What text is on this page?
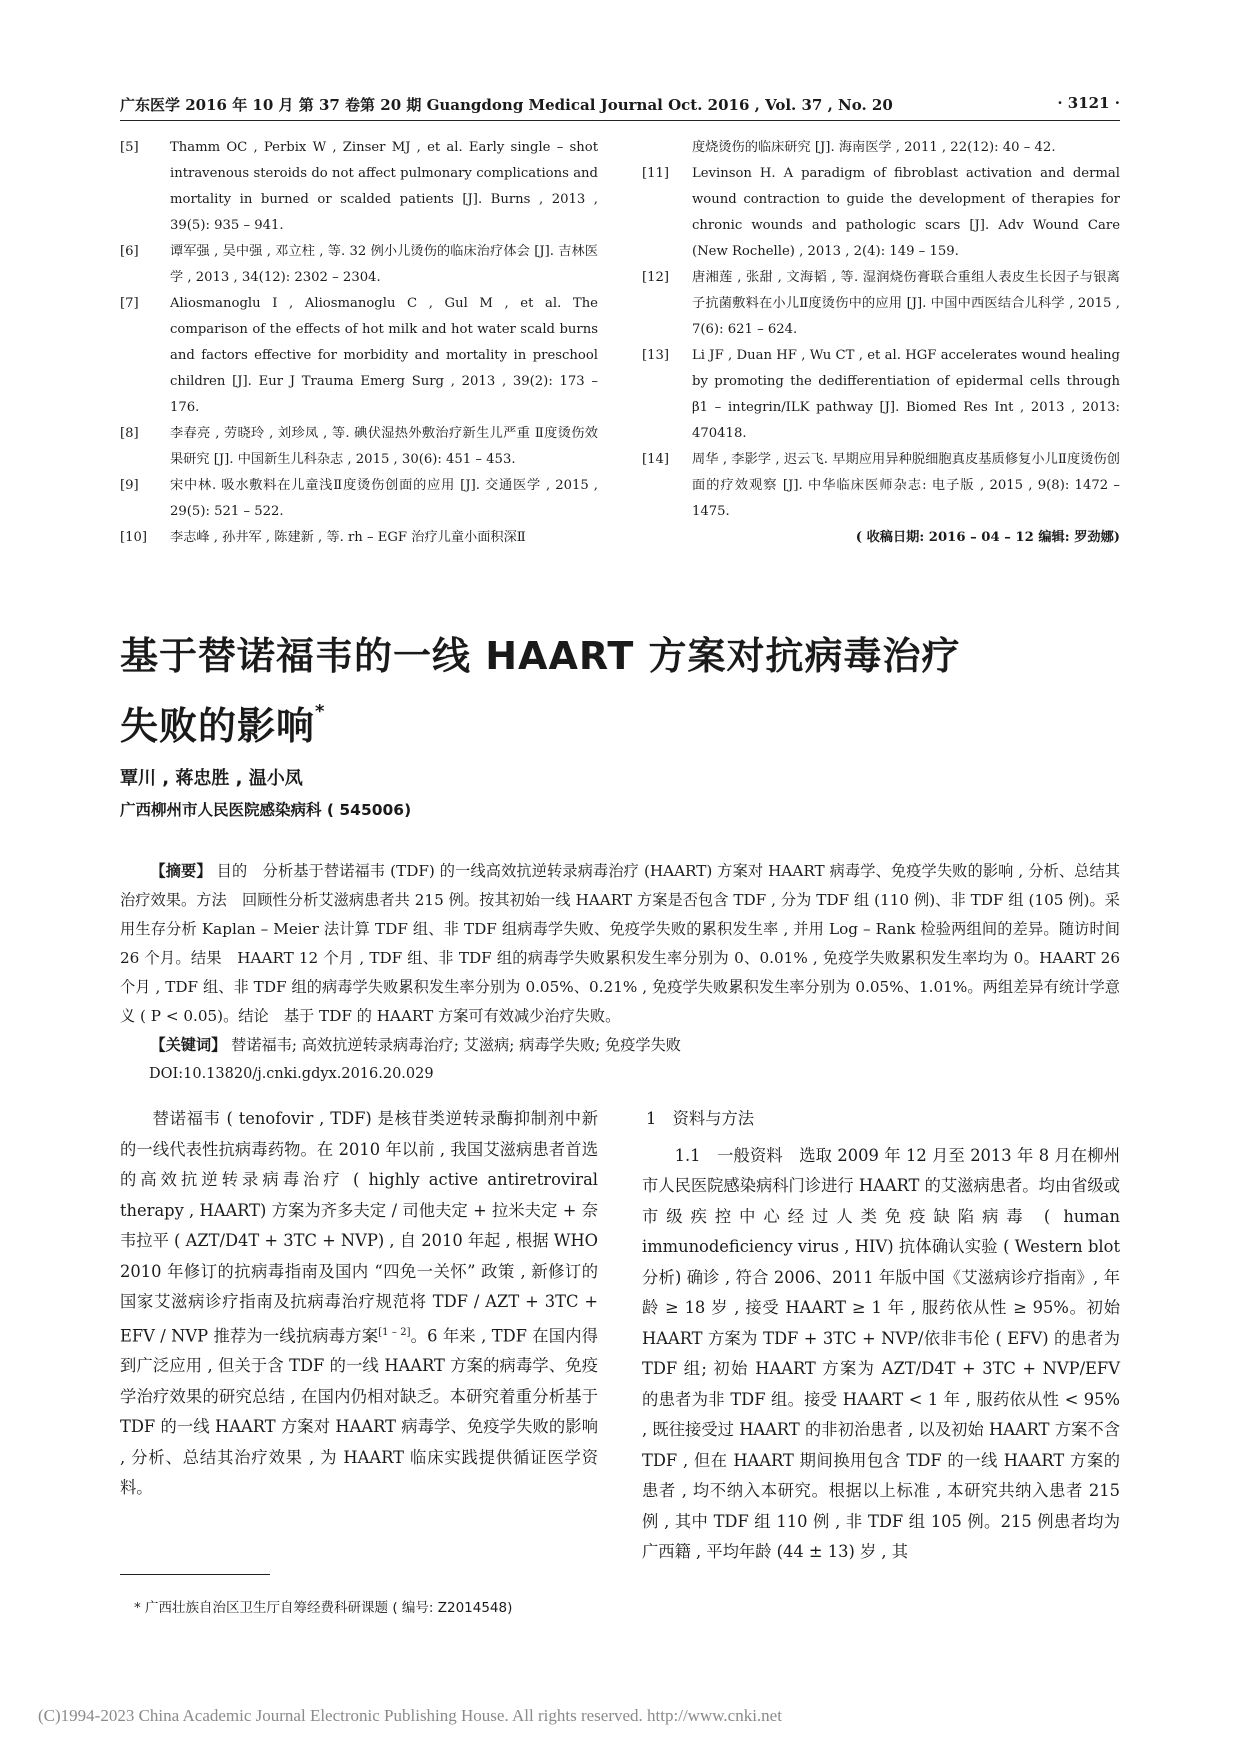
广东医学 2016 年 10 月 第 37 卷第 20 期 Guangdong Medical Journal Oct. 2016 , Vol. 37 , No. 20	· 3121 ·
[5]	Thamm OC , Perbix W , Zinser MJ , et al. Early single – shot intravenous steroids do not affect pulmonary complications and mortality in burned or scalded patients [J]. Burns , 2013 , 39(5): 935 – 941.
[6]	谭军强 , 吴中强 , 邓立柱 , 等. 32 例小儿烫伤的临床治疗体会 [J]. 吉林医学 , 2013 , 34(12): 2302 – 2304.
[7]	Aliosmanoglu I , Aliosmanoglu C , Gul M , et al. The comparison of the effects of hot milk and hot water scald burns and factors effective for morbidity and mortality in preschool children [J]. Eur J Trauma Emerg Surg , 2013 , 39(2): 173 – 176.
[8]	李春亮 , 劳晓玲 , 刘珍凤 , 等. 碘伏湿热外敷治疗新生儿严重 Ⅱ度烫伤效果研究 [J]. 中国新生儿科杂志 , 2015 , 30(6): 451 – 453.
[9]	宋中林. 吸水敷料在儿童浅Ⅱ度烫伤创面的应用 [J]. 交通医学 , 2015 , 29(5): 521 – 522.
[10]	李志峰 , 孙井军 , 陈建新 , 等. rh – EGF 治疗儿童小面积深Ⅱ
度烧烫伤的临床研究 [J]. 海南医学 , 2011 , 22(12): 40 – 42.
[11]	Levinson H. A paradigm of fibroblast activation and dermal wound contraction to guide the development of therapies for chronic wounds and pathologic scars [J]. Adv Wound Care (New Rochelle) , 2013 , 2(4): 149 – 159.
[12]	唐湘莲 , 张甜 , 文海韬 , 等. 湿润烧伤膏联合重组人表皮生长因子与银离子抗菌敷料在小儿Ⅱ度烫伤中的应用 [J]. 中国中西医结合儿科学 , 2015 , 7(6): 621 – 624.
[13]	Li JF , Duan HF , Wu CT , et al. HGF accelerates wound healing by promoting the dedifferentiation of epidermal cells through β1 – integrin/ILK pathway [J]. Biomed Res Int , 2013 , 2013: 470418.
[14]	周华 , 李影学 , 迟云飞. 早期应用异种脱细胞真皮基质修复小儿Ⅱ度烫伤创面的疗效观察 [J]. 中华临床医师杂志: 电子版 , 2015 , 9(8): 1472 – 1475.
( 收稿日期: 2016 – 04 – 12 编辑: 罗劲娜)
基于替诺福韦的一线 HAART 方案对抗病毒治疗
失败的影响*
覃川 , 蒋忠胜 , 温小凤
广西柳州市人民医院感染病科 ( 545006)
【摘要】 目的　分析基于替诺福韦 (TDF) 的一线高效抗逆转录病毒治疗 (HAART) 方案对 HAART 病毒学、免疫学失败的影响 , 分析、总结其治疗效果。方法　回顾性分析艾滋病患者共 215 例。按其初始一线 HAART 方案是否包含 TDF , 分为 TDF 组 (110 例)、非 TDF 组 (105 例)。采用生存分析 Kaplan – Meier 法计算 TDF 组、非 TDF 组病毒学失败、免疫学失败的累积发生率 , 并用 Log – Rank 检验两组间的差异。随访时间 26 个月。结果　HAART 12 个月 , TDF 组、非 TDF 组的病毒学失败累积发生率分别为 0、0.01% , 免疫学失败累积发生率均为 0。HAART 26 个月 , TDF 组、非 TDF 组的病毒学失败累积发生率分别为 0.05%、0.21% , 免疫学失败累积发生率分别为 0.05%、1.01%。两组差异有统计学意义 ( P < 0.05)。结论　基于 TDF 的 HAART 方案可有效减少治疗失败。
【关键词】 替诺福韦; 高效抗逆转录病毒治疗; 艾滋病; 病毒学失败; 免疫学失败
DOI:10.13820/j.cnki.gdyx.2016.20.029

替诺福韦 ( tenofovir , TDF) 是核苷类逆转录酶抑制剂中新的一线代表性抗病毒药物。在 2010 年以前 , 我国艾滋病患者首选的高效抗逆转录病毒治疗 ( highly active antiretroviral therapy , HAART) 方案为齐多夫定 / 司他夫定 + 拉米夫定 + 奈韦拉平 ( AZT/D4T + 3TC + NVP) , 自 2010 年起 , 根据 WHO 2010 年修订的抗病毒指南及国内 “四免一关怀” 政策 , 新修订的国家艾滋病诊疗指南及抗病毒治疗规范将 TDF / AZT + 3TC + EFV / NVP 推荐为一线抗病毒方案[1 – 2]。6 年来 , TDF 在国内得到广泛应用 , 但关于含 TDF 的一线 HAART 方案的病毒学、免疫学治疗效果的研究总结 , 在国内仍相对缺乏。本研究着重分析基于 TDF 的一线 HAART 方案对 HAART 病毒学、免疫学失败的影响 , 分析、总结其治疗效果 , 为 HAART 临床实践提供循证医学资料。

1　资料与方法

1.1　一般资料　选取 2009 年 12 月至 2013 年 8 月在柳州市人民医院感染病科门诊进行 HAART 的艾滋病患者。均由省级或市级疾控中心经过人类免疫缺陷病毒 ( human immunodeficiency virus , HIV) 抗体确认实验 ( Western blot 分析) 确诊 , 符合 2006、2011 年版中国《艾滋病诊疗指南》, 年龄 ≥ 18 岁 , 接受 HAART ≥ 1 年 , 服药依从性 ≥ 95%。初始 HAART 方案为 TDF + 3TC + NVP/依非韦伦 ( EFV) 的患者为 TDF 组; 初始 HAART 方案为 AZT/D4T + 3TC + NVP/EFV 的患者为非 TDF 组。接受 HAART < 1 年 , 服药依从性 < 95% , 既往接受过 HAART 的非初治患者 , 以及初始 HAART 方案不含 TDF , 但在 HAART 期间换用包含 TDF 的一线 HAART 方案的患者 , 均不纳入本研究。根据以上标准 , 本研究共纳入患者 215 例 , 其中 TDF 组 110 例 , 非 TDF 组 105 例。215 例患者均为广西籍 , 平均年龄 (44 ± 13) 岁 , 其

* 广西壮族自治区卫生厅自筹经费科研课题 ( 编号: Z2014548)
(C)1994-2023 China Academic Journal Electronic Publishing House. All rights reserved. http://www.cnki.net
